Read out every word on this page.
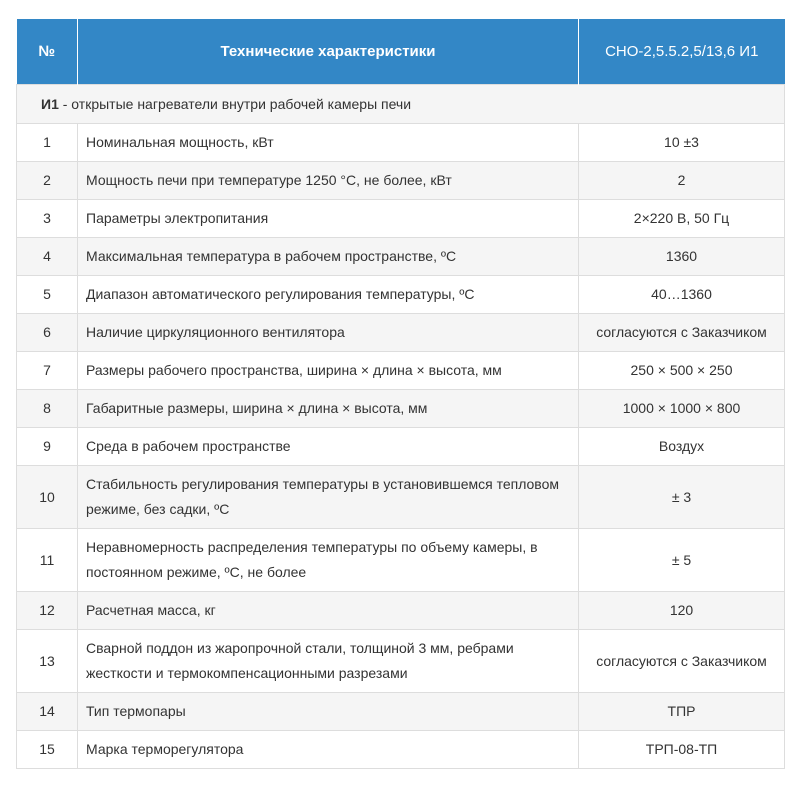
№	Технические характеристики	СНО-2,5.5.2,5/13,6 И1
И1 - открытые нагреватели внутри рабочей камеры печи		
1	Номинальная мощность, кВт	10 ±3
2	Мощность печи при температуре 1250 °С, не более, кВт	2
3	Параметры электропитания	2×220 В, 50 Гц
4	Максимальная температура в рабочем пространстве, ºС	1360
5	Диапазон автоматического регулирования температуры, ºС	40…1360
6	Наличие циркуляционного вентилятора	согласуются с Заказчиком
7	Размеры рабочего пространства, ширина × длина × высота, мм	250 × 500 × 250
8	Габаритные размеры, ширина × длина × высота, мм	1000 × 1000 × 800
9	Среда в рабочем пространстве	Воздух
10	Стабильность регулирования температуры в установившемся тепловом режиме, без садки, ºС	± 3
11	Неравномерность распределения температуры по объему камеры, в постоянном режиме, ºС, не более	± 5
12	Расчетная масса, кг	120
13	Сварной поддон из жаропрочной стали, толщиной 3 мм, ребрами жесткости и термокомпенсационными разрезами	согласуются с Заказчиком
14	Тип термопары	ТПР
15	Марка терморегулятора	ТРП-08-ТП
